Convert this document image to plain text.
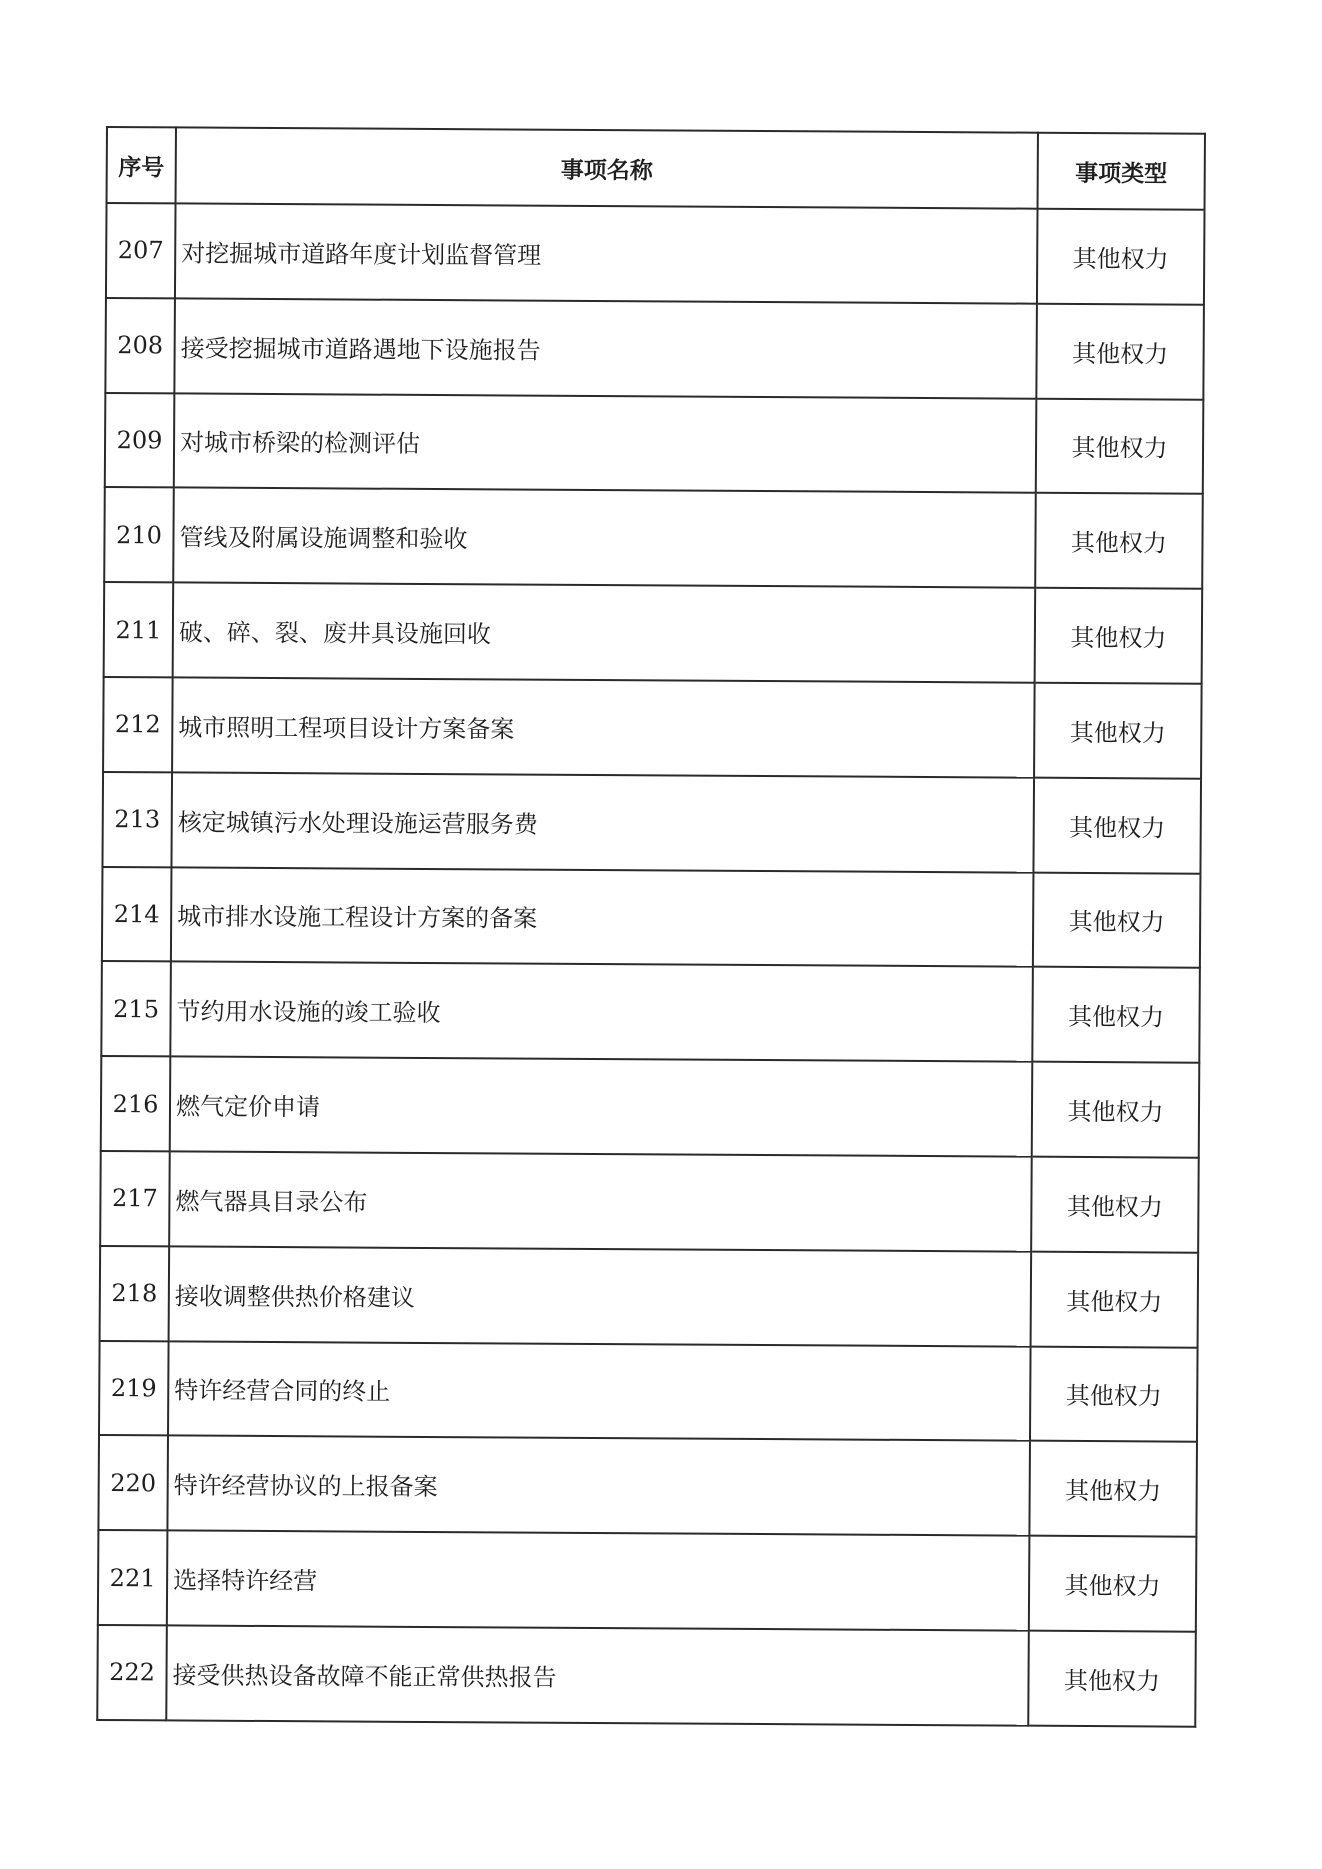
序号	事项名称	事项类型
207	对挖掘城市道路年度计划监督管理	其他权力
208	接受挖掘城市道路遇地下设施报告	其他权力
209	对城市桥梁的检测评估	其他权力
210	管线及附属设施调整和验收	其他权力
211	破、碎、裂、废井具设施回收	其他权力
212	城市照明工程项目设计方案备案	其他权力
213	核定城镇污水处理设施运营服务费	其他权力
214	城市排水设施工程设计方案的备案	其他权力
215	节约用水设施的竣工验收	其他权力
216	燃气定价申请	其他权力
217	燃气器具目录公布	其他权力
218	接收调整供热价格建议	其他权力
219	特许经营合同的终止	其他权力
220	特许经营协议的上报备案	其他权力
221	选择特许经营	其他权力
222	接受供热设备故障不能正常供热报告	其他权力
